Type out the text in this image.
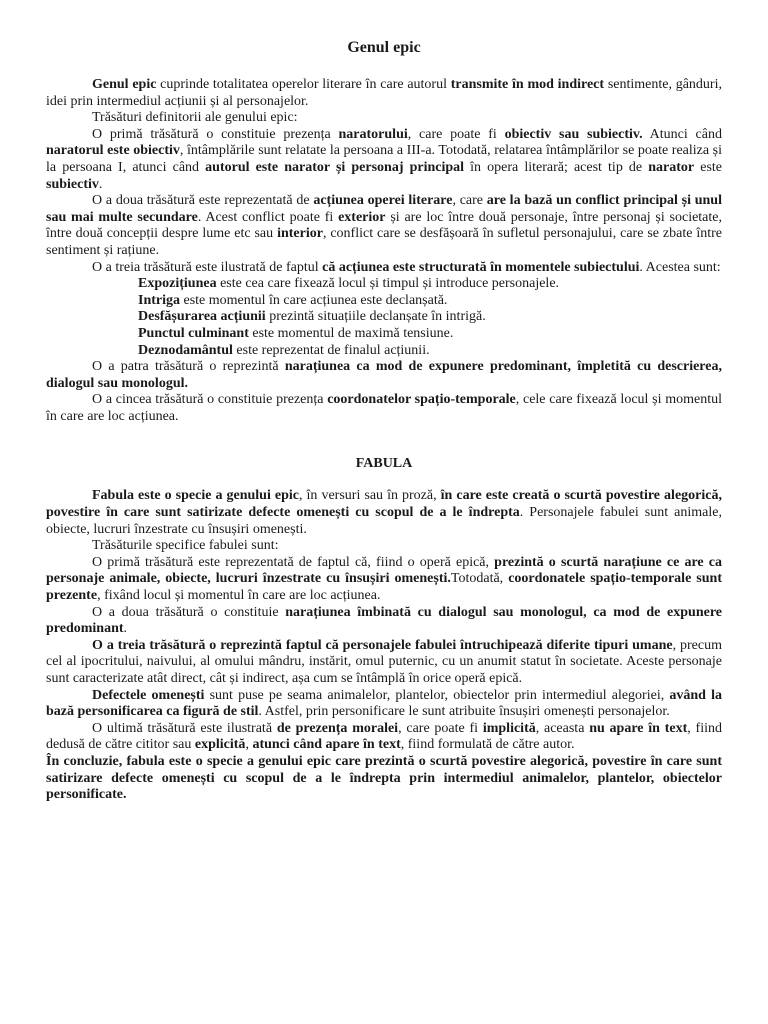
Genul epic

Genul epic cuprinde totalitatea operelor literare în care autorul transmite în mod indirect sentimente, gânduri, idei prin intermediul acțiunii și al personajelor.

Trăsături definitorii ale genului epic:

O primă trăsătură o constituie prezența naratorului, care poate fi obiectiv sau subiectiv. Atunci când naratorul este obiectiv, întâmplările sunt relatate la persoana a III-a. Totodată, relatarea întâmplărilor se poate realiza și la persoana I, atunci când autorul este narator și personaj principal în opera literară; acest tip de narator este subiectiv.

O a doua trăsătură este reprezentată de acțiunea operei literare, care are la bază un conflict principal și unul sau mai multe secundare. Acest conflict poate fi exterior și are loc între două personaje, între personaj și societate, între două concepții despre lume etc sau interior, conflict care se desfășoară în sufletul personajului, care se zbate între sentiment și rațiune.

O a treia trăsătură este ilustrată de faptul că acțiunea este structurată în momentele subiectului. Acestea sunt:

Expozițiunea este cea care fixează locul și timpul și introduce personajele.

Intriga este momentul în care acțiunea este declanșată.

Desfășurarea acțiunii prezintă situațiile declanșate în intrigă.

Punctul culminant este momentul de maximă tensiune.

Deznodamântul este reprezentat de finalul acțiunii.

O a patra trăsătură o reprezintă narațiunea ca mod de expunere predominant, împletită cu descrierea, dialogul sau monologul.

O a cincea trăsătură o constituie prezența coordonatelor spațio-temporale, cele care fixează locul și momentul în care are loc acțiunea.

FABULA

Fabula este o specie a genului epic, în versuri sau în proză, în care este creată o scurtă povestire alegorică, povestire în care sunt satirizate defecte omenești cu scopul de a le îndrepta. Personajele fabulei sunt animale, obiecte, lucruri înzestrate cu însușiri omenești.

Trăsăturile specifice fabulei sunt:

O primă trăsătură este reprezentată de faptul că, fiind o operă epică, prezintă o scurtă narațiune ce are ca personaje animale, obiecte, lucruri înzestrate cu însușiri omenești.Totodată, coordonatele spațio-temporale sunt prezente, fixând locul și momentul în care are loc acțiunea.

O a doua trăsătură o constituie narațiunea îmbinată cu dialogul sau monologul, ca mod de expunere predominant.

O a treia trăsătură o reprezintă faptul că personajele fabulei întruchipează diferite tipuri umane, precum cel al ipocritului, naivului, al omului mândru, instărit, omul puternic, cu un anumit statut în societate. Aceste personaje sunt caracterizate atât direct, cât și indirect, așa cum se întâmplă în orice operă epică.

Defectele omenești sunt puse pe seama animalelor, plantelor, obiectelor prin intermediul alegoriei, având la bază personificarea ca figură de stil. Astfel, prin personificare le sunt atribuite însușiri omenești personajelor.

O ultimă trăsătură este ilustrată de prezența moralei, care poate fi implicită, aceasta nu apare în text, fiind dedusă de către cititor sau explicită, atunci când apare în text, fiind formulată de către autor.

În concluzie, fabula este o specie a genului epic care prezintă o scurtă povestire alegorică, povestire în care sunt satirizare defecte omenești cu scopul de a le îndrepta prin intermediul animalelor, plantelor, obiectelor personificate.
